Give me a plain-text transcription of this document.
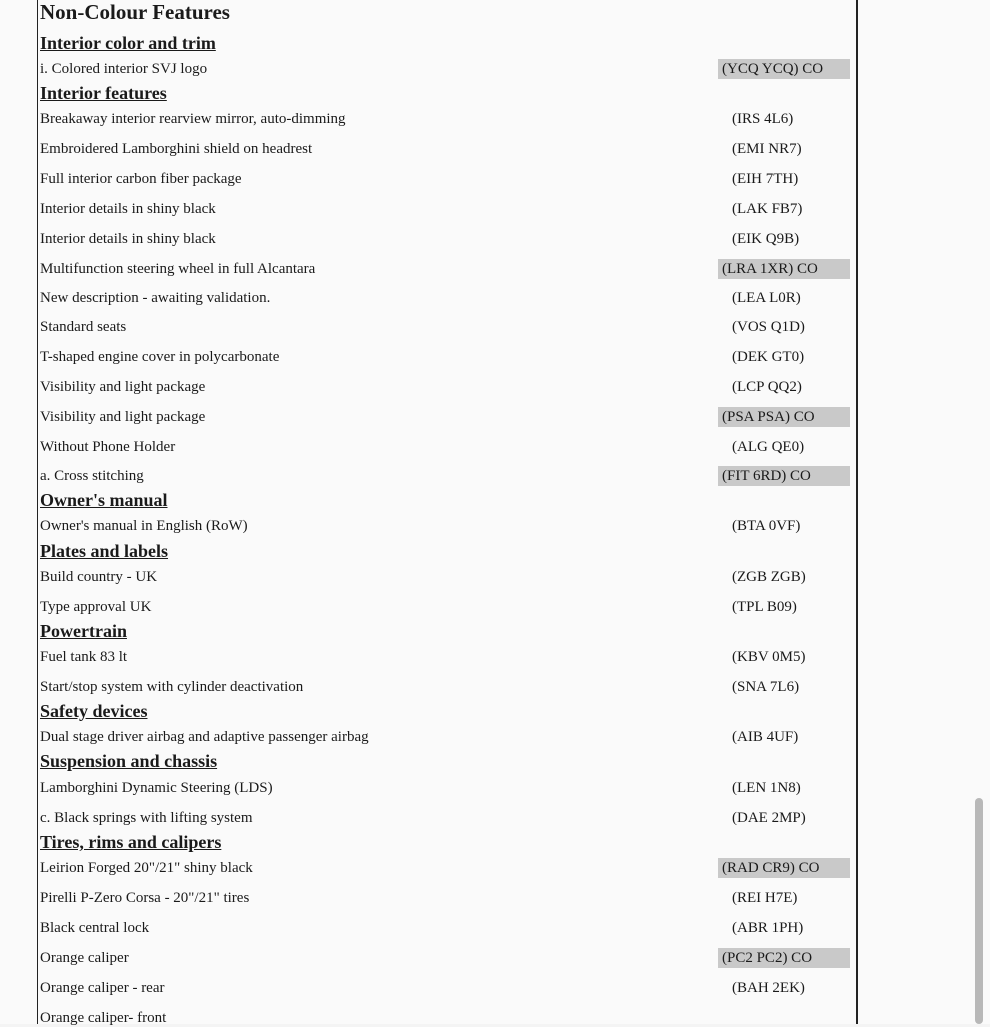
Non-Colour Features
Interior color and trim
i. Colored interior SVJ logo	(YCQ YCQ) CO
Interior features
Breakaway interior rearview mirror, auto-dimming	(IRS 4L6)
Embroidered Lamborghini shield on headrest	(EMI NR7)
Full interior carbon fiber package	(EIH 7TH)
Interior details in shiny black	(LAK FB7)
Interior details in shiny black	(EIK Q9B)
Multifunction steering wheel in full Alcantara	(LRA 1XR) CO
New description - awaiting validation.	(LEA L0R)
Standard seats	(VOS Q1D)
T-shaped engine cover in polycarbonate	(DEK GT0)
Visibility and light package	(LCP QQ2)
Visibility and light package	(PSA PSA) CO
Without Phone Holder	(ALG QE0)
a. Cross stitching	(FIT 6RD) CO
Owner's manual
Owner's manual in English (RoW)	(BTA 0VF)
Plates and labels
Build country - UK	(ZGB ZGB)
Type approval UK	(TPL B09)
Powertrain
Fuel tank 83 lt	(KBV 0M5)
Start/stop system with cylinder deactivation	(SNA 7L6)
Safety devices
Dual stage driver airbag and adaptive passenger airbag	(AIB 4UF)
Suspension and chassis
Lamborghini Dynamic Steering (LDS)	(LEN 1N8)
c. Black springs with lifting system	(DAE 2MP)
Tires, rims and calipers
Leirion Forged 20"/21" shiny black	(RAD CR9) CO
Pirelli P-Zero Corsa - 20"/21" tires	(REI H7E)
Black central lock	(ABR 1PH)
Orange caliper	(PC2 PC2) CO
Orange caliper - rear	(BAH 2EK)
Orange caliper- front
